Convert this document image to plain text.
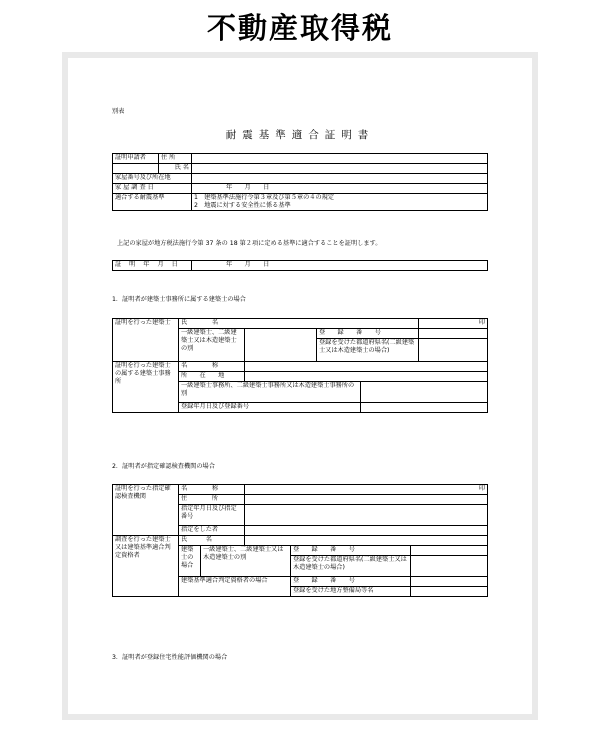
不動産取得税
別表
耐震基準適合証明書
証明申請者	住 所	
	氏 名	
家屋番号及び所在地		
家 屋 調 査 日		年　　月　　日
適合する耐震基準		1　建築基準法施行令第３章及び第５章の４の規定
2　地震に対する安全性に係る基準
上記の家屋が地方税法施行令第 37 条の 18 第２項に定める基準に適合することを証明します。
証 明 年 月 日	年　　月　　日
1．証明者が建築士事務所に属する建築士の場合
証明を行った建築士	氏　　　　名				印
	一級建築士、二級建築士又は木造建築士の別		登　　録　　番　　号		
			登録を受けた都道府県名(二級建築士又は木造建築士の場合)		

証明を行った建築士の属する建築士事務所	名　　　　称				
	所　　在　　地				
	一級建築士事務所、二級建築士事務所又は木造建築士事務所の別				

	登録年月日及び登録番号				
2．証明者が指定確認検査機関の場合
証明を行った指定確認検査機関	名　　　　称		印		
	住　　　　所				
	指定年月日及び指定番号				

	指定をした者				
調査を行った建築士又は建築基準適合判定資格者	氏　　　名				
	建築士の場合	一級建築士、二級建築士又は木造建築士の別		登　　録　　番　　号	
				登録を受けた都道府県名(二級建築士又は木造建築士の場合)	

	建築基準適合判定資格者の場合			登　　録　　番　　号	
				登録を受けた地方整備局等名	
3．証明者が登録住宅性能評価機関の場合
